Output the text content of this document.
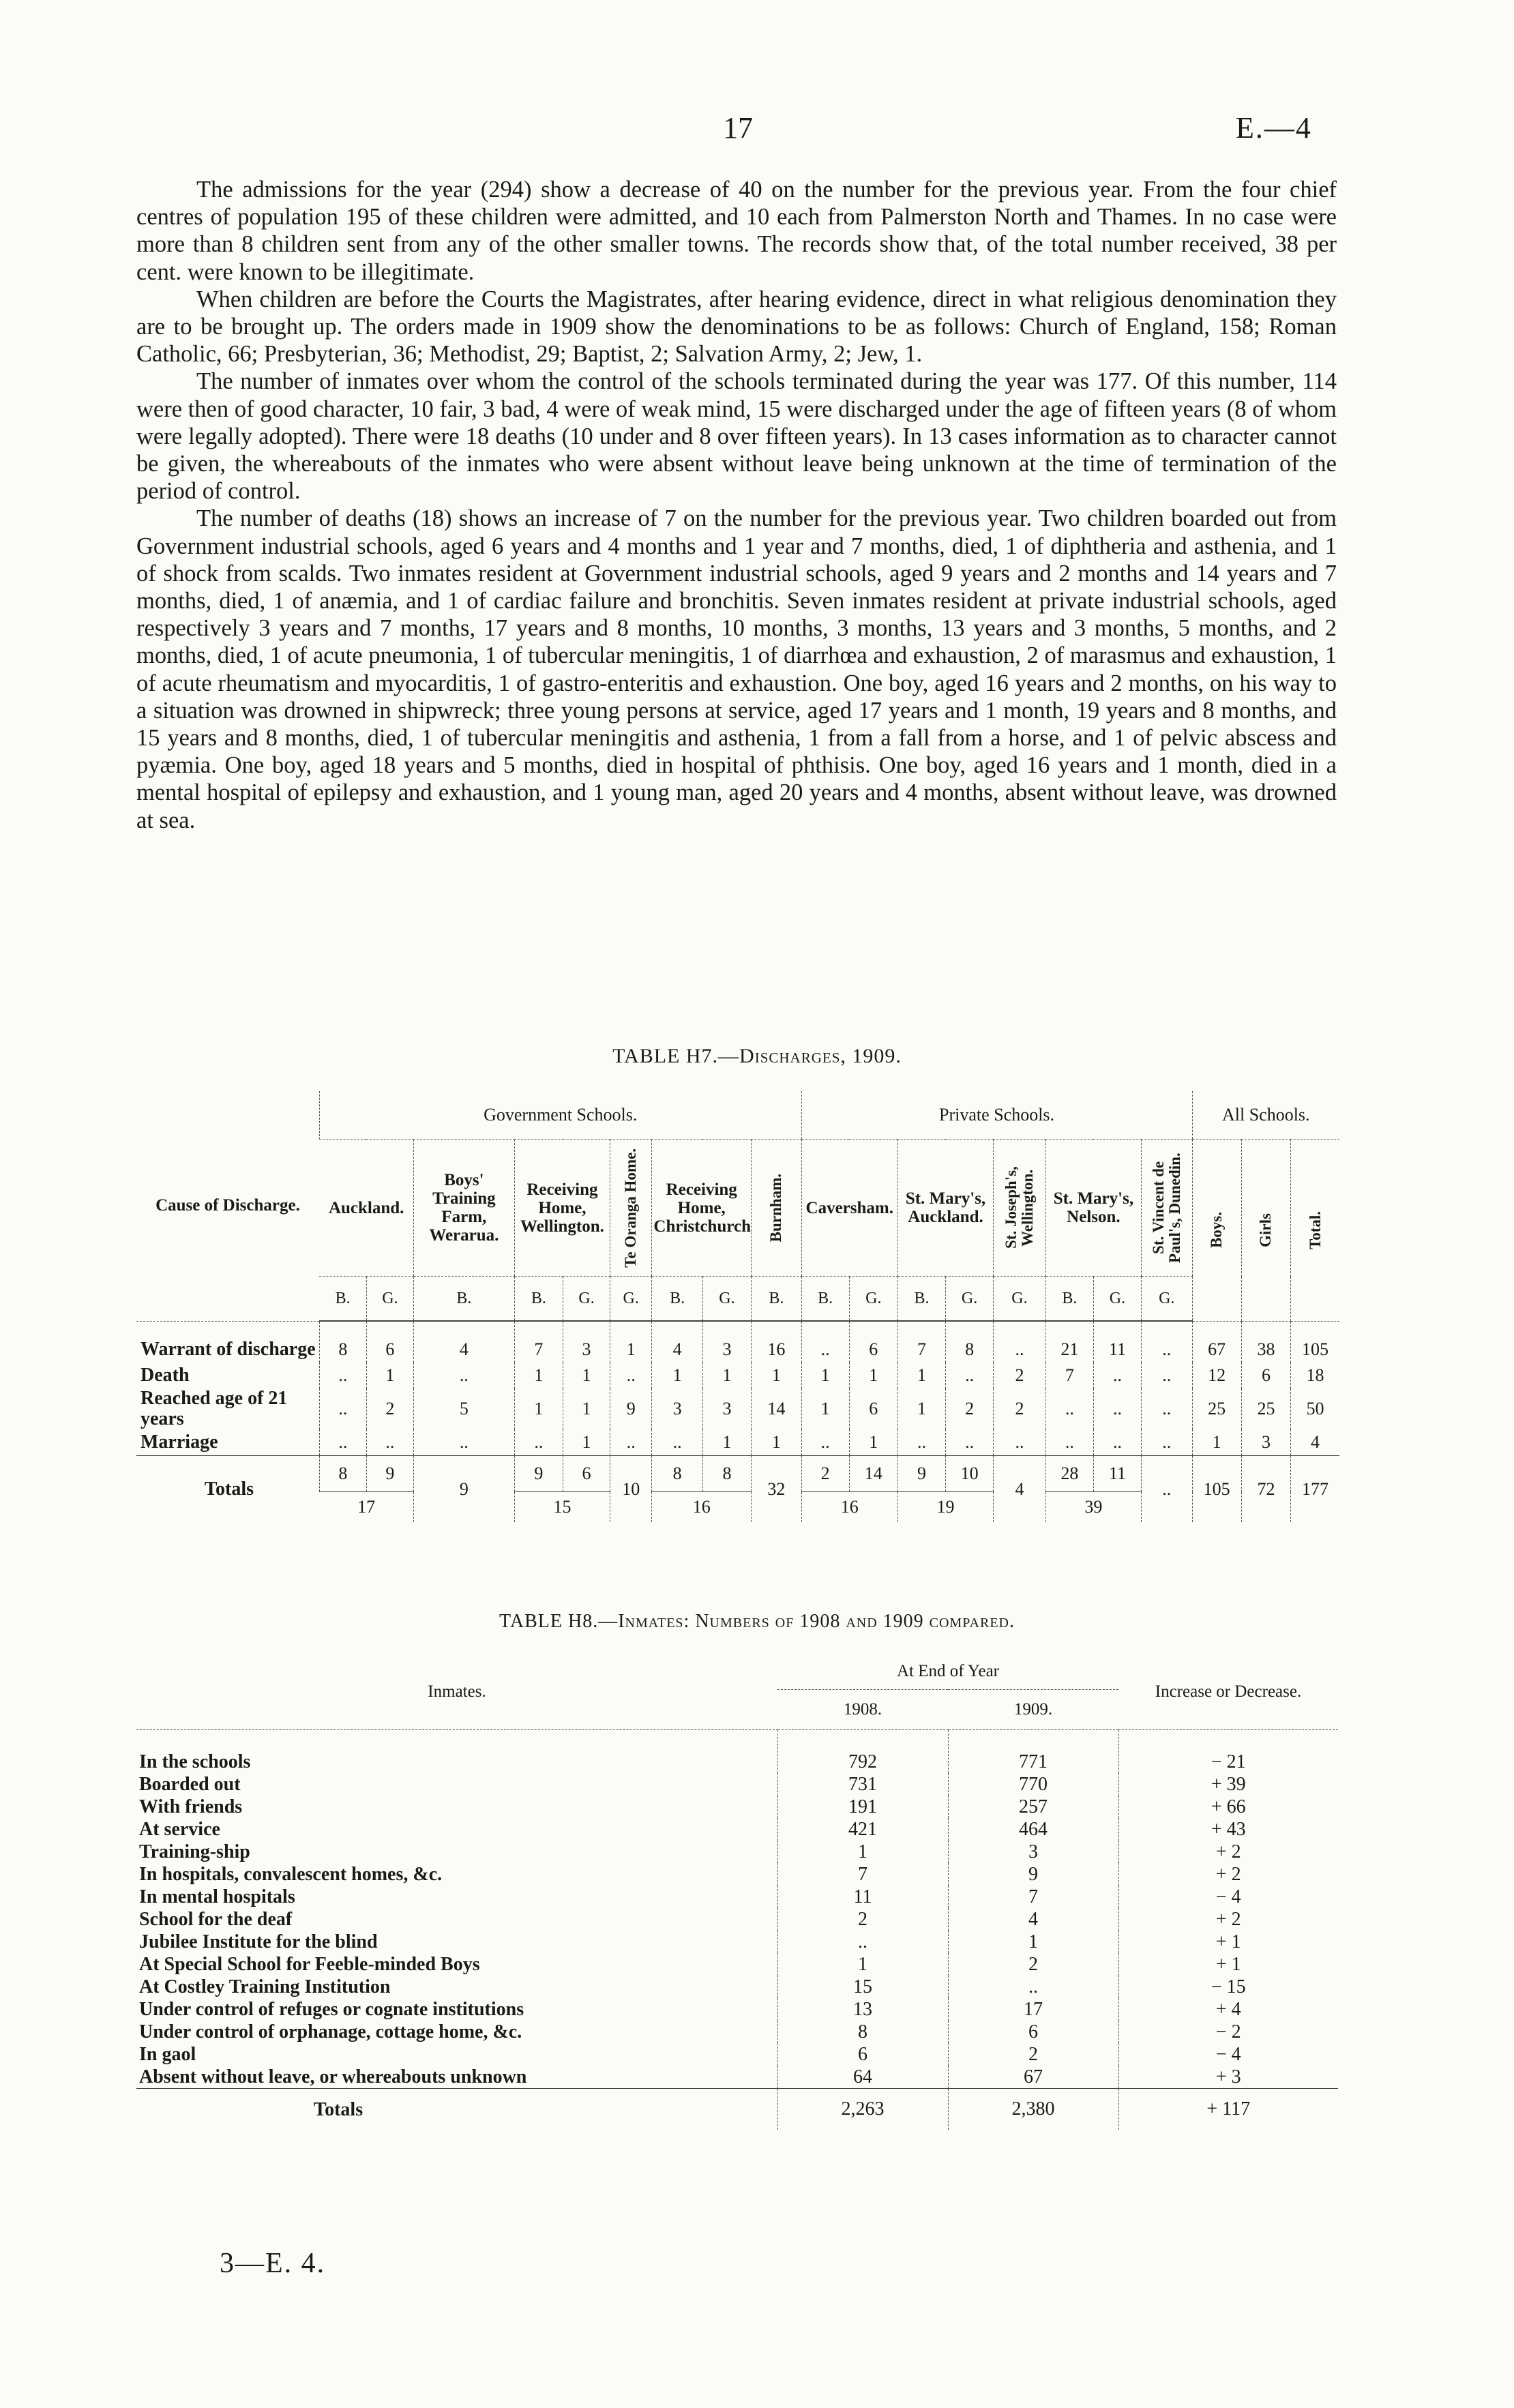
17	E.—4

The admissions for the year (294) show a decrease of 40 on the number for the previous year. From the four chief centres of population 195 of these children were admitted, and 10 each from Palmerston North and Thames. In no case were more than 8 children sent from any of the other smaller towns. The records show that, of the total number received, 38 per cent. were known to be illegitimate.

When children are before the Courts the Magistrates, after hearing evidence, direct in what religious denomination they are to be brought up. The orders made in 1909 show the denominations to be as follows: Church of England, 158; Roman Catholic, 66; Presbyterian, 36; Methodist, 29; Baptist, 2; Salvation Army, 2; Jew, 1.

The number of inmates over whom the control of the schools terminated during the year was 177. Of this number, 114 were then of good character, 10 fair, 3 bad, 4 were of weak mind, 15 were discharged under the age of fifteen years (8 of whom were legally adopted). There were 18 deaths (10 under and 8 over fifteen years). In 13 cases information as to character cannot be given, the whereabouts of the inmates who were absent without leave being unknown at the time of termination of the period of control.

The number of deaths (18) shows an increase of 7 on the number for the previous year. Two children boarded out from Government industrial schools, aged 6 years and 4 months and 1 year and 7 months, died, 1 of diphtheria and asthenia, and 1 of shock from scalds. Two inmates resident at Government industrial schools, aged 9 years and 2 months and 14 years and 7 months, died, 1 of anæmia, and 1 of cardiac failure and bronchitis. Seven inmates resident at private industrial schools, aged respectively 3 years and 7 months, 17 years and 8 months, 10 months, 3 months, 13 years and 3 months, 5 months, and 2 months, died, 1 of acute pneumonia, 1 of tubercular meningitis, 1 of diarrhœa and exhaustion, 2 of marasmus and exhaustion, 1 of acute rheumatism and myocarditis, 1 of gastro-enteritis and exhaustion. One boy, aged 16 years and 2 months, on his way to a situation was drowned in shipwreck; three young persons at service, aged 17 years and 1 month, 19 years and 8 months, and 15 years and 8 months, died, 1 of tubercular meningitis and asthenia, 1 from a fall from a horse, and 1 of pelvic abscess and pyæmia. One boy, aged 18 years and 5 months, died in hospital of phthisis. One boy, aged 16 years and 1 month, died in a mental hospital of epilepsy and exhaustion, and 1 young man, aged 20 years and 4 months, absent without leave, was drowned at sea.

TABLE H7.—Discharges, 1909.
Cause of Discharge.	Government Schools.									Private Schools.								All Schools.		
	Auckland.		Boys' Training Farm, Werarua.	Receiving Home, Wellington.		Te Oranga Home.	Receiving Home, Christchurch		Burnham.	Caversham.		St. Mary's, Auckland.		St. Joseph's, Wellington.	St. Mary's, Nelson.		St. Vincent de Paul's, Dunedin.	Boys.	Girls	Total.

	B.	G.	B.	B.	G.	G.	B.	G.	B.	B.	G.	B.	G.	G.	B.	G.	G.			
Warrant of discharge	8	6	4	7	3	1	4	3	16	..	6	7	8	..	21	11	..	67	38	105
Death	..	1	..	1	1	..	1	1	1	1	1	1	..	2	7	..	..	12	6	18
Reached age of 21 years	..	2	5	1	1	9	3	3	14	1	6	1	2	2	..	..	..	25	25	50
Marriage	..	..	..	..	1	..	..	1	1	..	1	..	..	..	..	..	..	1	3	4
Totals	8	9	9	9	6	10	8	8	32	2	14	9	10	4	28	11	..	105	72	177
	17			15			16			16		19			39					
TABLE H8.—Inmates: Numbers of 1908 and 1909 compared.
Inmates.	At End of Year		Increase or Decrease.
	1908.	1909.	
In the schools	792	771	− 21
Boarded out	731	770	+ 39
With friends	191	257	+ 66
At service	421	464	+ 43
Training-ship	1	3	+ 2
In hospitals, convalescent homes, &c.	7	9	+ 2
In mental hospitals	11	7	− 4
School for the deaf	2	4	+ 2
Jubilee Institute for the blind	..	1	+ 1
At Special School for Feeble-minded Boys	1	2	+ 1
At Costley Training Institution	15	..	− 15
Under control of refuges or cognate institutions	13	17	+ 4
Under control of orphanage, cottage home, &c.	8	6	− 2
In gaol	6	2	− 4
Absent without leave, or whereabouts unknown	64	67	+ 3
Totals	2,263	2,380	+ 117
3—E. 4.
